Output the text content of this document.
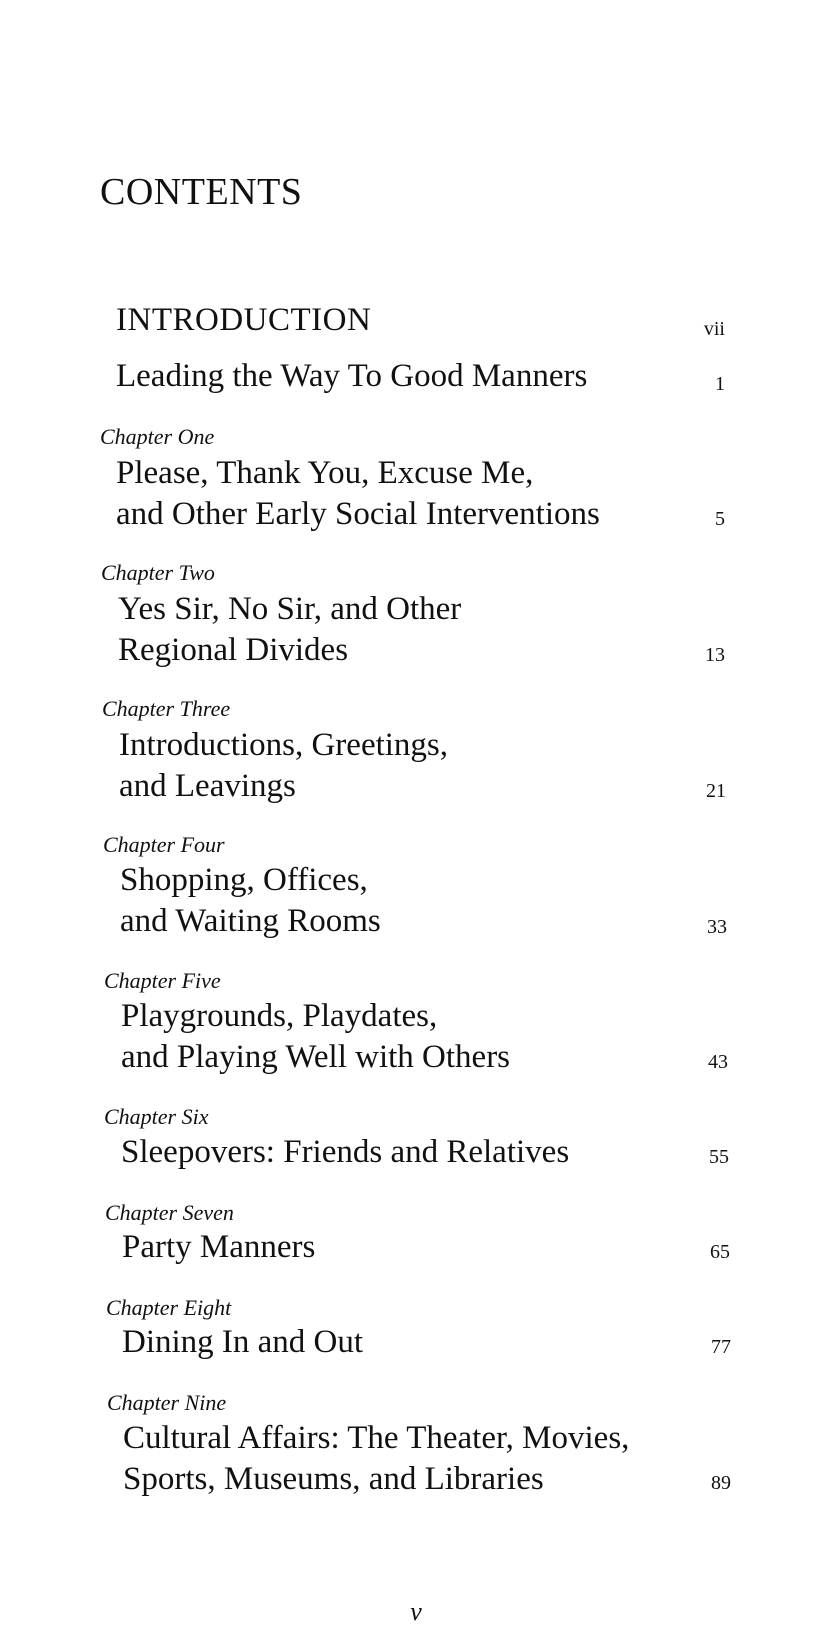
CONTENTS
INTRODUCTION	vii
Leading the Way To Good Manners	1
Chapter One
Please, Thank You, Excuse Me,
and Other Early Social Interventions	5
Chapter Two
Yes Sir, No Sir, and Other
Regional Divides	13
Chapter Three
Introductions, Greetings,
and Leavings	21
Chapter Four
Shopping, Offices,
and Waiting Rooms	33
Chapter Five
Playgrounds, Playdates,
and Playing Well with Others	43
Chapter Six
Sleepovers: Friends and Relatives	55
Chapter Seven
Party Manners	65
Chapter Eight
Dining In and Out	77
Chapter Nine
Cultural Affairs: The Theater, Movies,
Sports, Museums, and Libraries	89
v
